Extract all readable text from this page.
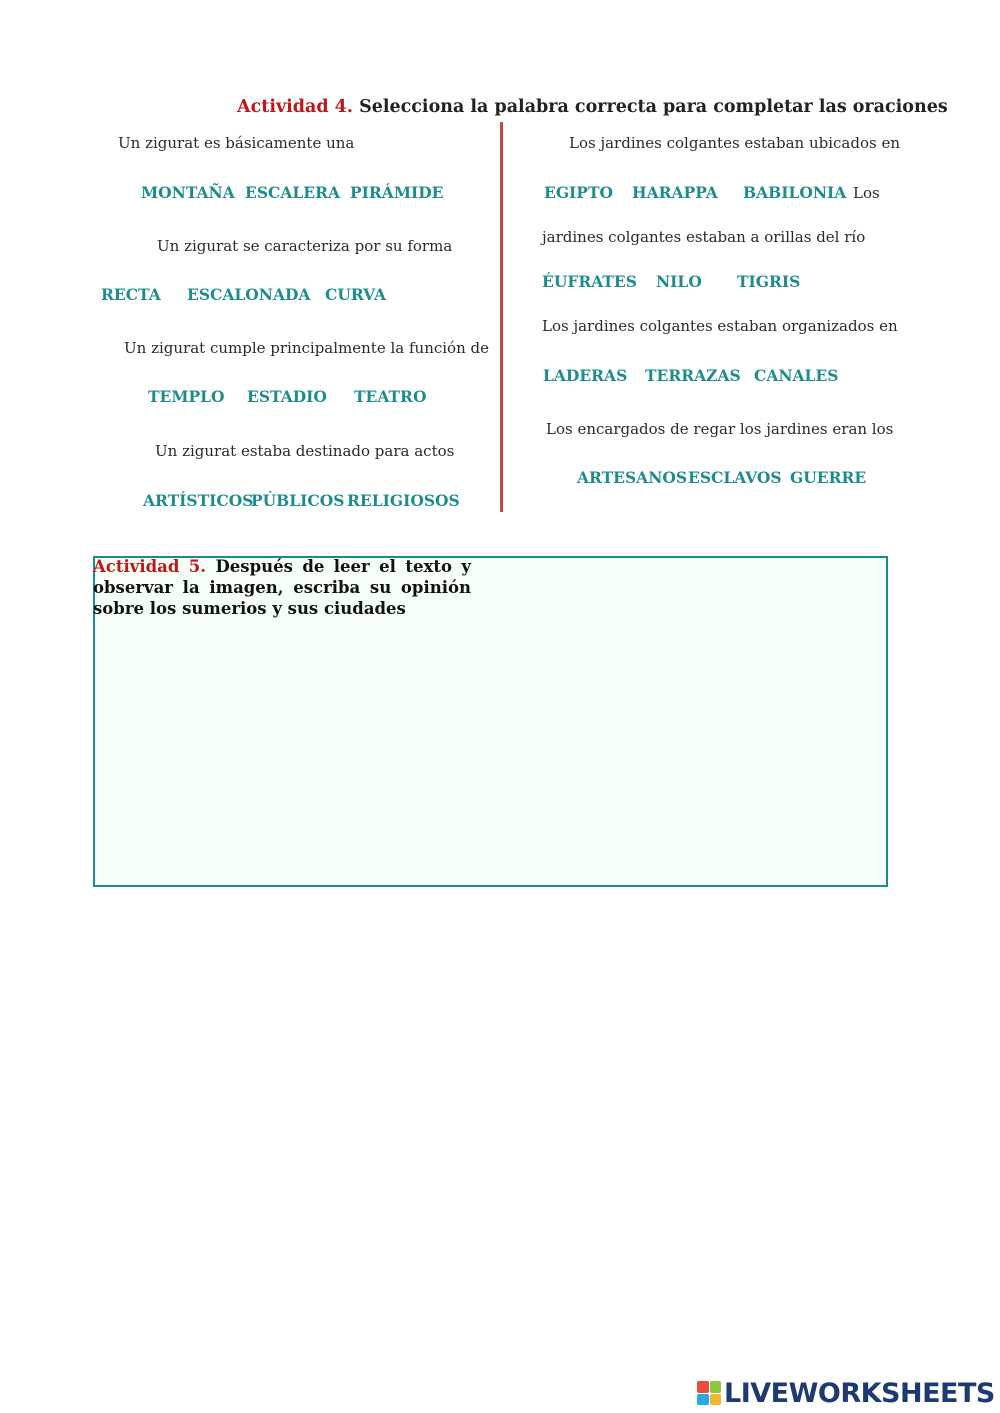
Actividad 4. Selecciona la palabra correcta para completar las oraciones
Un zigurat es básicamente una
MONTAÑA ESCALERA PIRÁMIDE
Un zigurat se caracteriza por su forma
RECTA ESCALONADA CURVA
Un zigurat cumple principalmente la función de
TEMPLO ESTADIO TEATRO
Un zigurat estaba destinado para actos
ARTÍSTICOS
PÚBLICOS RELIGIOSOS
Los jardines colgantes estaban ubicados en
EGIPTO HARAPPA BABILONIA Los
jardines colgantes estaban a orillas del río
ÉUFRATES NILO TIGRIS
Los jardines colgantes estaban organizados en
LADERAS TERRAZAS CANALES
Los encargados de regar los jardines eran los
ARTESANOS ESCLAVOS GUERRE
Actividad 5. Después de leer el texto y observar la imagen, escriba su opinión sobre los sumerios y sus ciudades
LIVEWORKSHEETS
